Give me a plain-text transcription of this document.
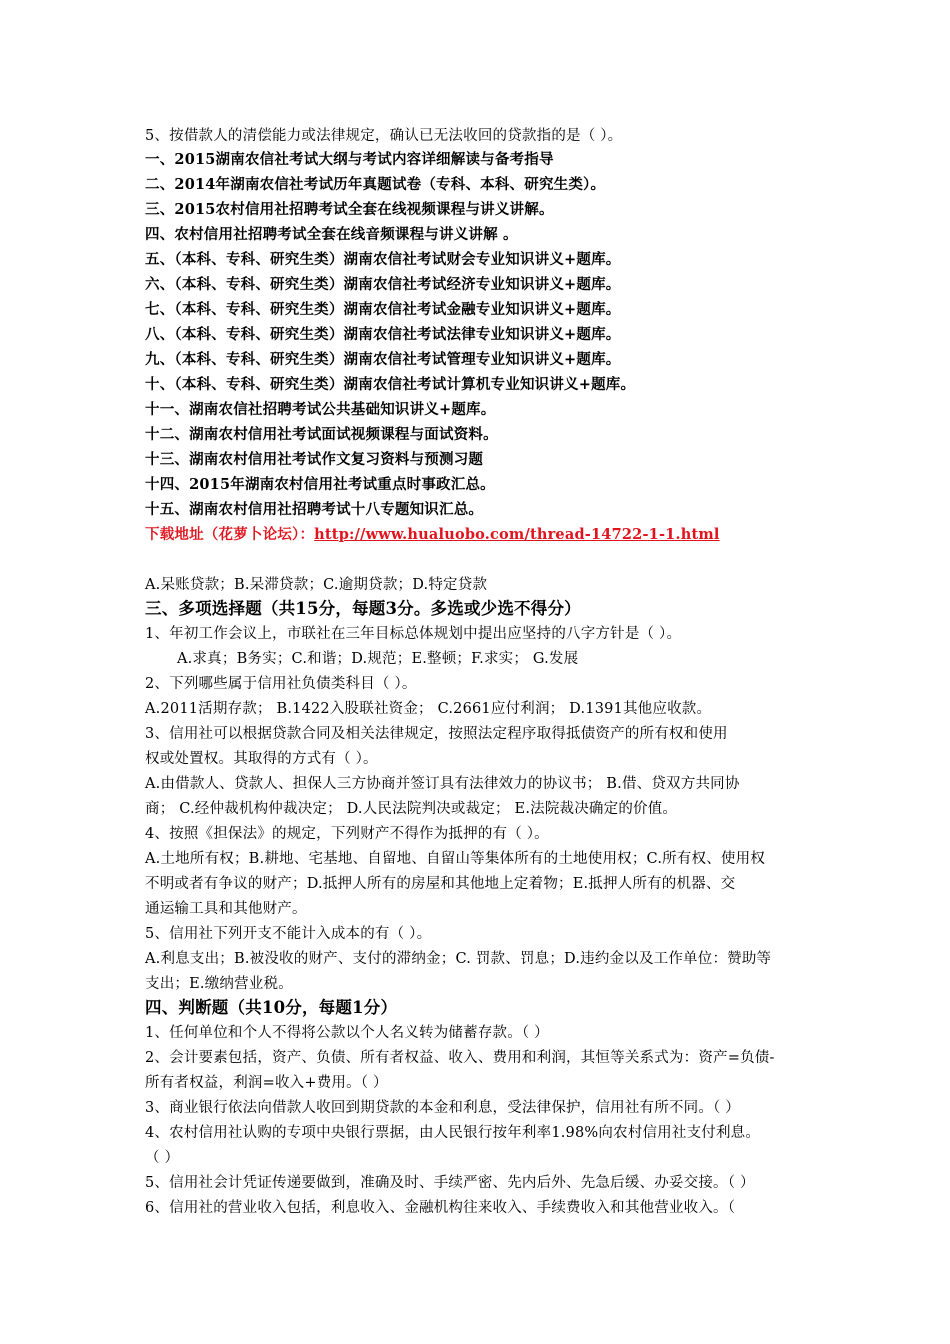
5、按借款人的清偿能力或法律规定，确认已无法收回的贷款指的是（ ）。
一、2015湖南农信社考试大纲与考试内容详细解读与备考指导
二、2014年湖南农信社考试历年真题试卷（专科、本科、研究生类）。
三、2015农村信用社招聘考试全套在线视频课程与讲义讲解。
四、农村信用社招聘考试全套在线音频课程与讲义讲解 。
五、（本科、专科、研究生类）湖南农信社考试财会专业知识讲义+题库。
六、（本科、专科、研究生类）湖南农信社考试经济专业知识讲义+题库。
七、（本科、专科、研究生类）湖南农信社考试金融专业知识讲义+题库。
八、（本科、专科、研究生类）湖南农信社考试法律专业知识讲义+题库。
九、（本科、专科、研究生类）湖南农信社考试管理专业知识讲义+题库。
十、（本科、专科、研究生类）湖南农信社考试计算机专业知识讲义+题库。
十一、湖南农信社招聘考试公共基础知识讲义+题库。
十二、湖南农村信用社考试面试视频课程与面试资料。
十三、湖南农村信用社考试作文复习资料与预测习题
十四、2015年湖南农村信用社考试重点时事政汇总。
十五、湖南农村信用社招聘考试十八专题知识汇总。
下载地址（花萝卜论坛）：http://www.hualuobo.com/thread-14722-1-1.html
A.呆账贷款；B.呆滞贷款；C.逾期贷款；D.特定贷款
三、多项选择题（共15分，每题3分。多选或少选不得分）
1、年初工作会议上，市联社在三年目标总体规划中提出应坚持的八字方针是（ ）。
A.求真；B务实；C.和谐；D.规范；E.整顿；F.求实； G.发展
2、下列哪些属于信用社负债类科目（ ）。
A.2011活期存款； B.1422入股联社资金； C.2661应付利润； D.1391其他应收款。
3、信用社可以根据贷款合同及相关法律规定，按照法定程序取得抵债资产的所有权和使用
权或处置权。其取得的方式有（ ）。
A.由借款人、贷款人、担保人三方协商并签订具有法律效力的协议书； B.借、贷双方共同协
商； C.经仲裁机构仲裁决定； D.人民法院判决或裁定； E.法院裁决确定的价值。
4、按照《担保法》的规定，下列财产不得作为抵押的有（ ）。
A.土地所有权；B.耕地、宅基地、自留地、自留山等集体所有的土地使用权；C.所有权、使用权
不明或者有争议的财产；D.抵押人所有的房屋和其他地上定着物；E.抵押人所有的机器、交
通运输工具和其他财产。
5、信用社下列开支不能计入成本的有（ ）。
A.利息支出；B.被没收的财产、支付的滞纳金；C. 罚款、罚息；D.违约金以及工作单位：赞助等
支出；E.缴纳营业税。
四、判断题（共10分，每题1分）
1、任何单位和个人不得将公款以个人名义转为储蓄存款。（ ）
2、会计要素包括，资产、负债、所有者权益、收入、费用和利润，其恒等关系式为：资产=负债-
所有者权益，利润=收入+费用。（ ）
3、商业银行依法向借款人收回到期贷款的本金和利息，受法律保护，信用社有所不同。（ ）
4、农村信用社认购的专项中央银行票据，由人民银行按年利率1.98%向农村信用社支付利息。
（ ）
5、信用社会计凭证传递要做到，准确及时、手续严密、先内后外、先急后缓、办妥交接。（ ）
6、信用社的营业收入包括，利息收入、金融机构往来收入、手续费收入和其他营业收入。（
